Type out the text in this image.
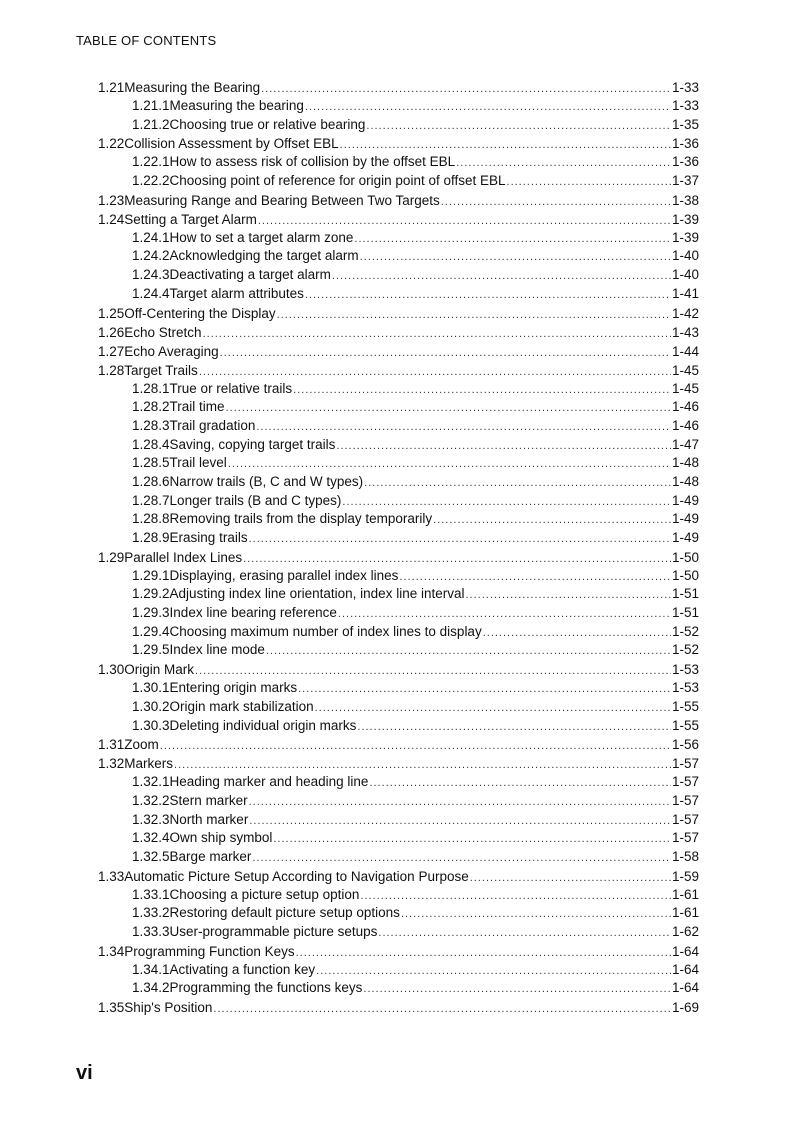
TABLE OF CONTENTS
1.21 Measuring the Bearing .....	1-33
1.21.1 Measuring the bearing .....	1-33
1.21.2 Choosing true or relative bearing .....	1-35
1.22 Collision Assessment by Offset EBL .....	1-36
1.22.1 How to assess risk of collision by the offset EBL .....	1-36
1.22.2 Choosing point of reference for origin point of offset EBL .....	1-37
1.23 Measuring Range and Bearing Between Two Targets .....	1-38
1.24 Setting a Target Alarm .....	1-39
1.24.1 How to set a target alarm zone .....	1-39
1.24.2 Acknowledging the target alarm .....	1-40
1.24.3 Deactivating a target alarm .....	1-40
1.24.4 Target alarm attributes .....	1-41
1.25 Off-Centering the Display .....	1-42
1.26 Echo Stretch .....	1-43
1.27 Echo Averaging .....	1-44
1.28 Target Trails .....	1-45
1.28.1 True or relative trails .....	1-45
1.28.2 Trail time .....	1-46
1.28.3 Trail gradation .....	1-46
1.28.4 Saving, copying target trails .....	1-47
1.28.5 Trail level .....	1-48
1.28.6 Narrow trails (B, C and W types) .....	1-48
1.28.7 Longer trails (B and C types) .....	1-49
1.28.8 Removing trails from the display temporarily .....	1-49
1.28.9 Erasing trails .....	1-49
1.29 Parallel Index Lines .....	1-50
1.29.1 Displaying, erasing parallel index lines .....	1-50
1.29.2 Adjusting index line orientation, index line interval .....	1-51
1.29.3 Index line bearing reference .....	1-51
1.29.4 Choosing maximum number of index lines to display .....	1-52
1.29.5 Index line mode .....	1-52
1.30 Origin Mark .....	1-53
1.30.1 Entering origin marks .....	1-53
1.30.2 Origin mark stabilization .....	1-55
1.30.3 Deleting individual origin marks .....	1-55
1.31 Zoom .....	1-56
1.32 Markers .....	1-57
1.32.1 Heading marker and heading line .....	1-57
1.32.2 Stern marker .....	1-57
1.32.3 North marker .....	1-57
1.32.4 Own ship symbol .....	1-57
1.32.5 Barge marker .....	1-58
1.33 Automatic Picture Setup According to Navigation Purpose .....	1-59
1.33.1 Choosing a picture setup option .....	1-61
1.33.2 Restoring default picture setup options .....	1-61
1.33.3 User-programmable picture setups .....	1-62
1.34 Programming Function Keys .....	1-64
1.34.1 Activating a function key .....	1-64
1.34.2 Programming the functions keys .....	1-64
1.35 Ship's Position .....	1-69
vi
